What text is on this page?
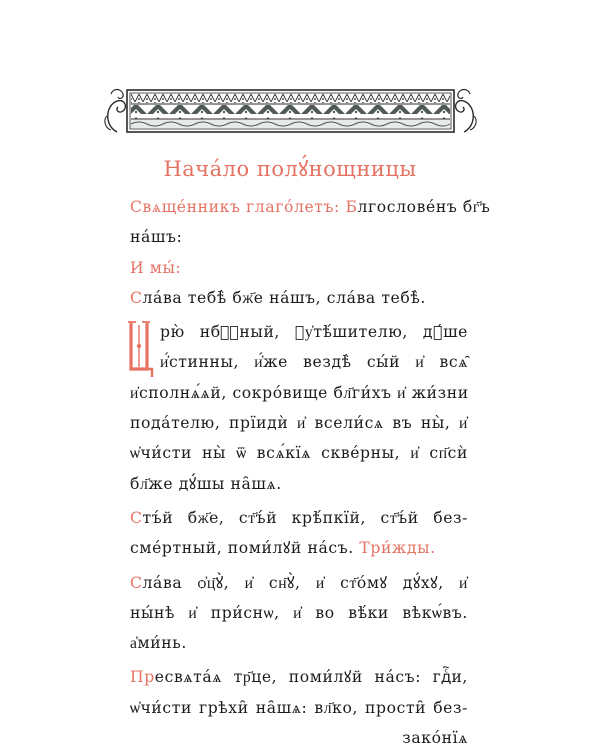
Нача́ло полꙋ́нощницы
Свѧще́нникъ глаго́летъ: Блгослове́нъ бг҃ъ
на́шъ:
И мы́:
Сла́ва тебѣ̀ бж҃е на́шъ, сла́ва тебѣ̀.
рю̀ нбⷭ҇ный, ᲂу҆тѣ́шителю, дꙋ́ше
и҆́стинны, и҆́же вездѣ̀ сы́й и҆ всѧ̑
и҆сполнѧ́ѧй, сокро́вище бл҃ги́хъ и҆ жи́зни
пода́телю, прїидѝ и҆ всели́сѧ въ ны̀, и҆
ѡ҆чи́сти ны̀ ѿ всѧ́кїѧ скве́рны, и҆ сп҃сѝ
бл҃же дꙋ́шы на̑шѧ.
Стъ́й бж҃е, ст҃ъ́й крѣ́пкїй, ст҃ъ́й без-
сме́ртный, поми́лꙋй на́съ. Три́жды.
Сла́ва ѻ҆ц҃ꙋ̀, и҆ сн҃ꙋ̀, и҆ ст҃о́мꙋ дꙋ́хꙋ, и҆
ны́нѣ и҆ при́снѡ, и҆ во вѣ́ки вѣкѡ́въ.
а҆ми́нь.
Пресвѧта́ѧ тр҃це, поми́лꙋй на́съ: гдⷭ҇и,
ѡ҆чи́сти грѣхи̑ на̑шѧ: вл҃ко, прости̑ без-
зако́нїѧ
